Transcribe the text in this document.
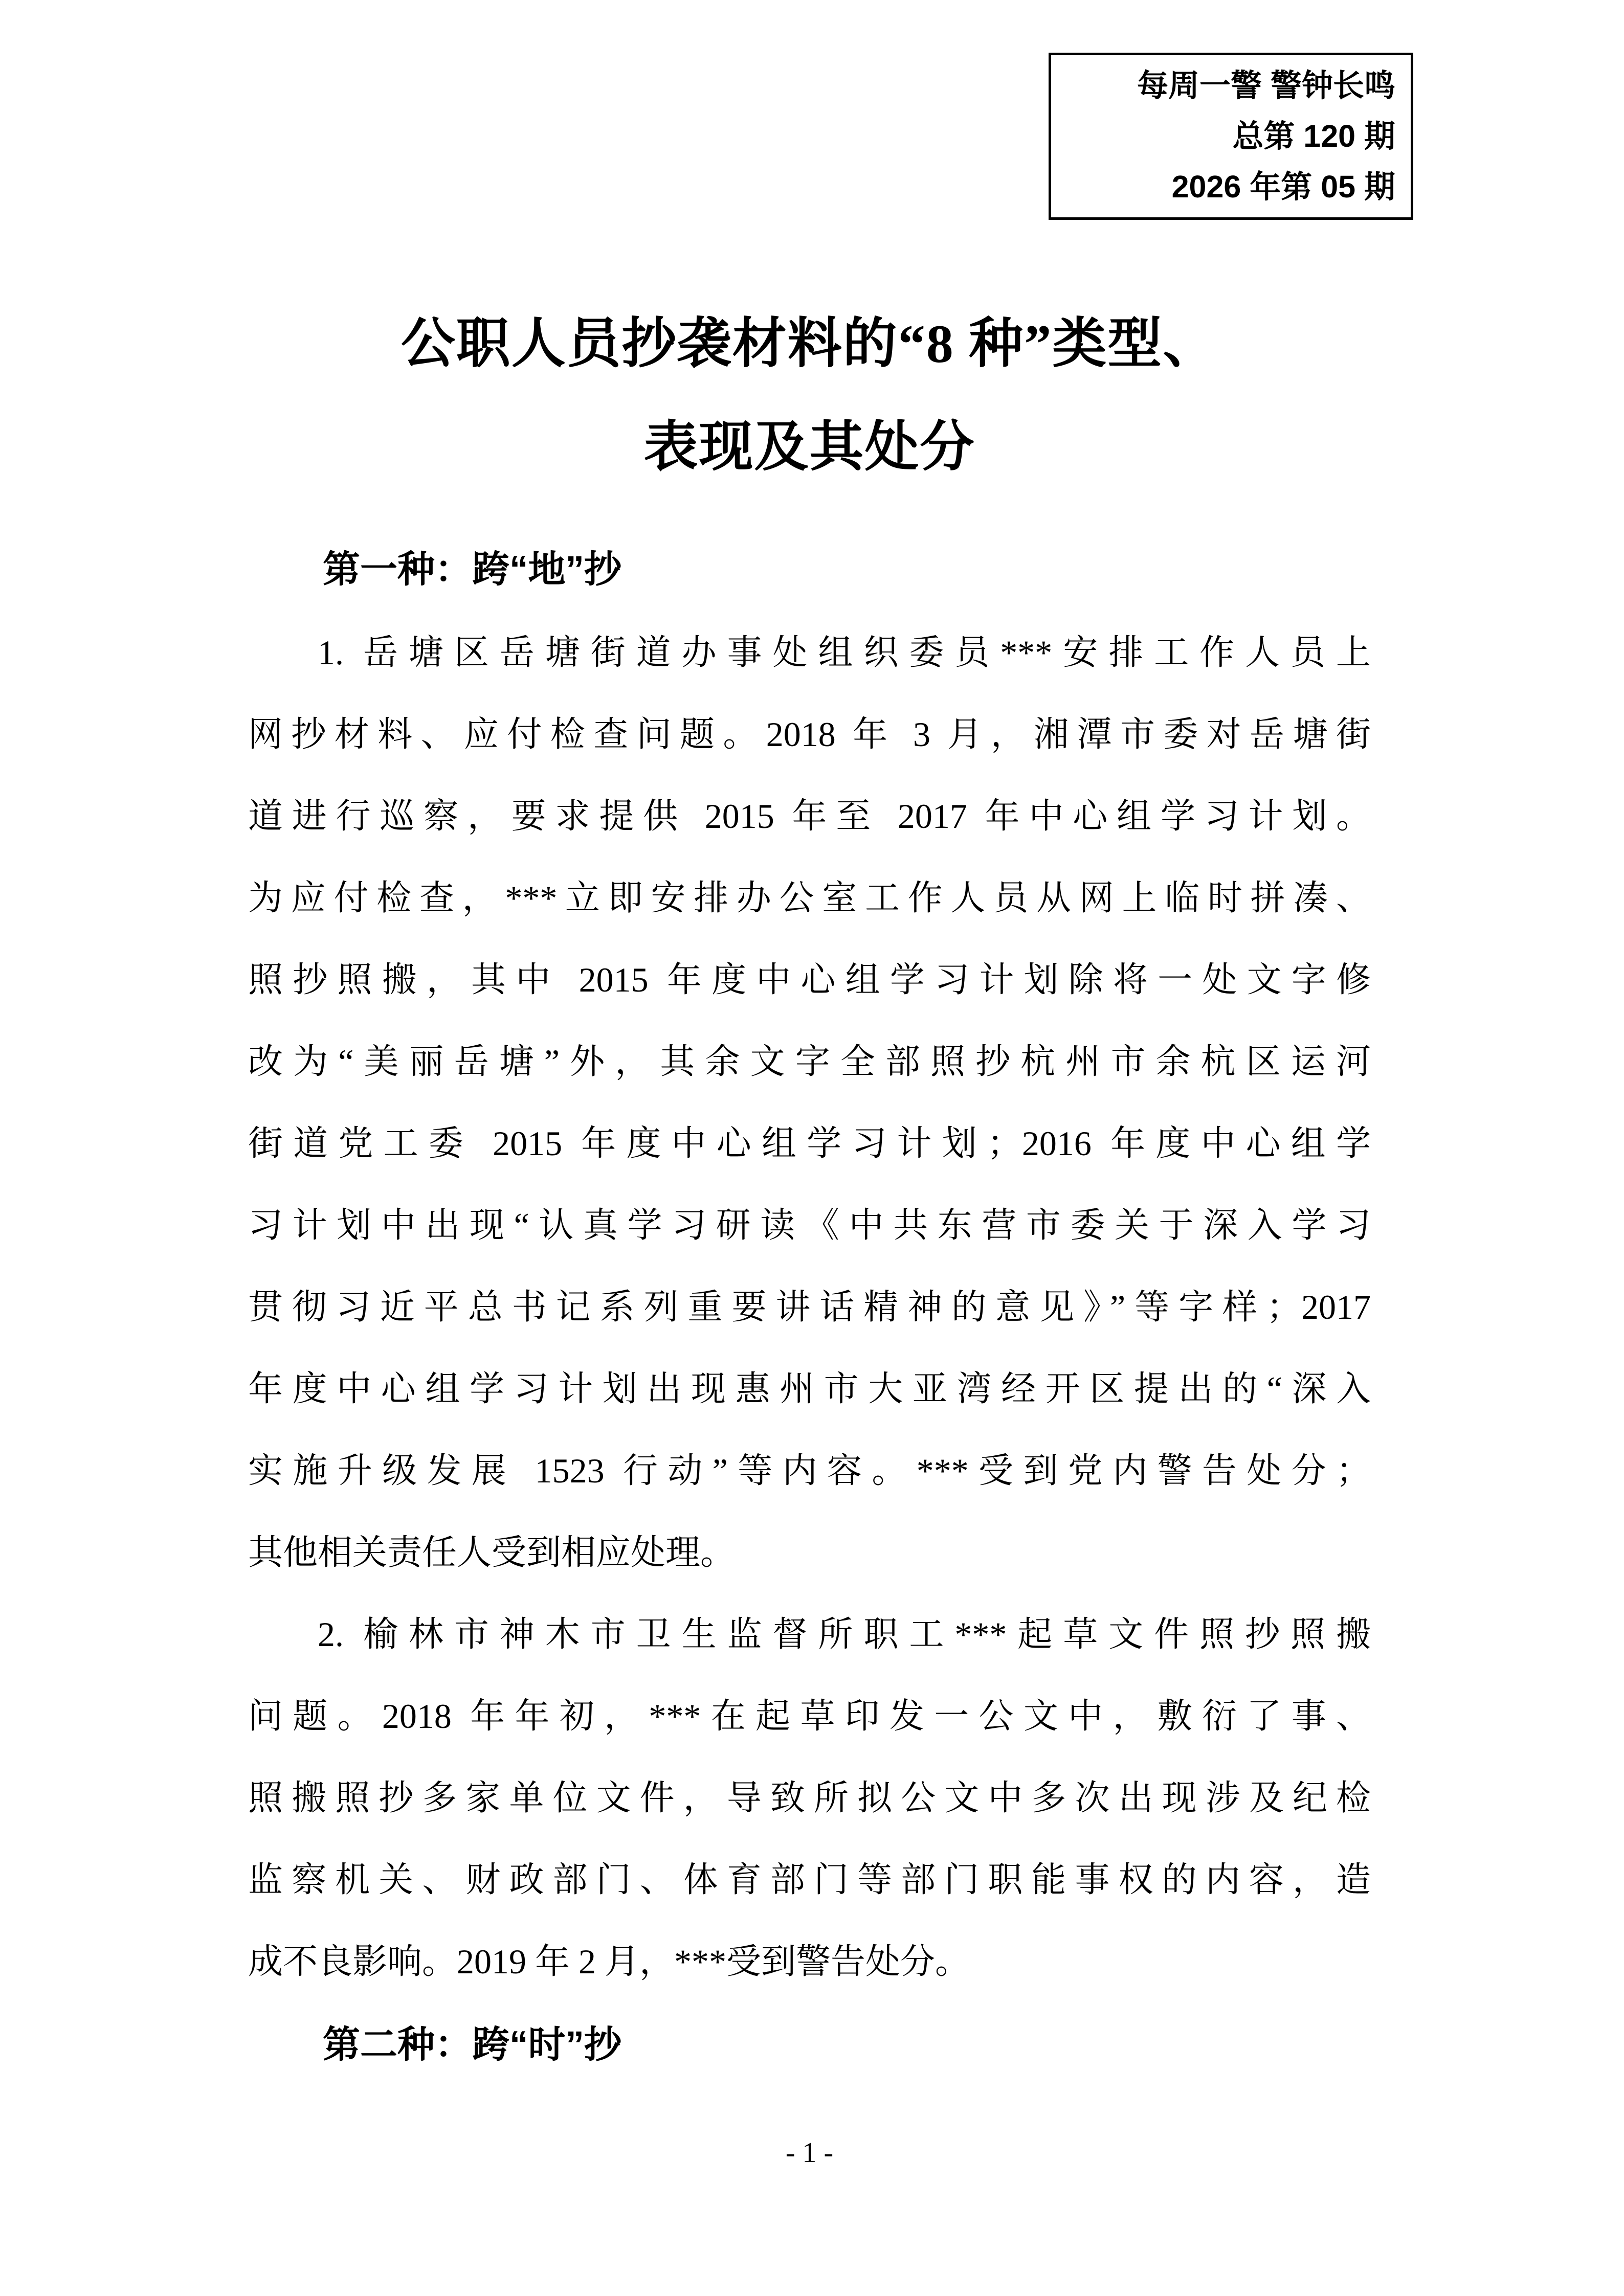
每周一警 警钟长鸣
总第 120 期
2026 年第 05 期
公职人员抄袭材料的“8 种”类型、
表现及其处分
第一种：跨“地”抄
1. 岳塘区岳塘街道办事处组织委员***安排工作人员上
网抄材料、应付检查问题。2018 年 3 月，湘潭市委对岳塘街
道进行巡察，要求提供 2015 年至 2017 年中心组学习计划。
为应付检查，***立即安排办公室工作人员从网上临时拼凑、
照抄照搬，其中 2015 年度中心组学习计划除将一处文字修
改为“美丽岳塘”外，其余文字全部照抄杭州市余杭区运河
街道党工委 2015 年度中心组学习计划；2016 年度中心组学
习计划中出现“认真学习研读《中共东营市委关于深入学习
贯彻习近平总书记系列重要讲话精神的意见》”等字样；2017
年度中心组学习计划出现惠州市大亚湾经开区提出的“深入
实施升级发展 1523 行动”等内容。***受到党内警告处分；
其他相关责任人受到相应处理。
2. 榆林市神木市卫生监督所职工***起草文件照抄照搬
问题。2018 年年初，***在起草印发一公文中，敷衍了事、
照搬照抄多家单位文件，导致所拟公文中多次出现涉及纪检
监察机关、财政部门、体育部门等部门职能事权的内容，造
成不良影响。2019 年 2 月，***受到警告处分。
第二种：跨“时”抄
- 1 -
